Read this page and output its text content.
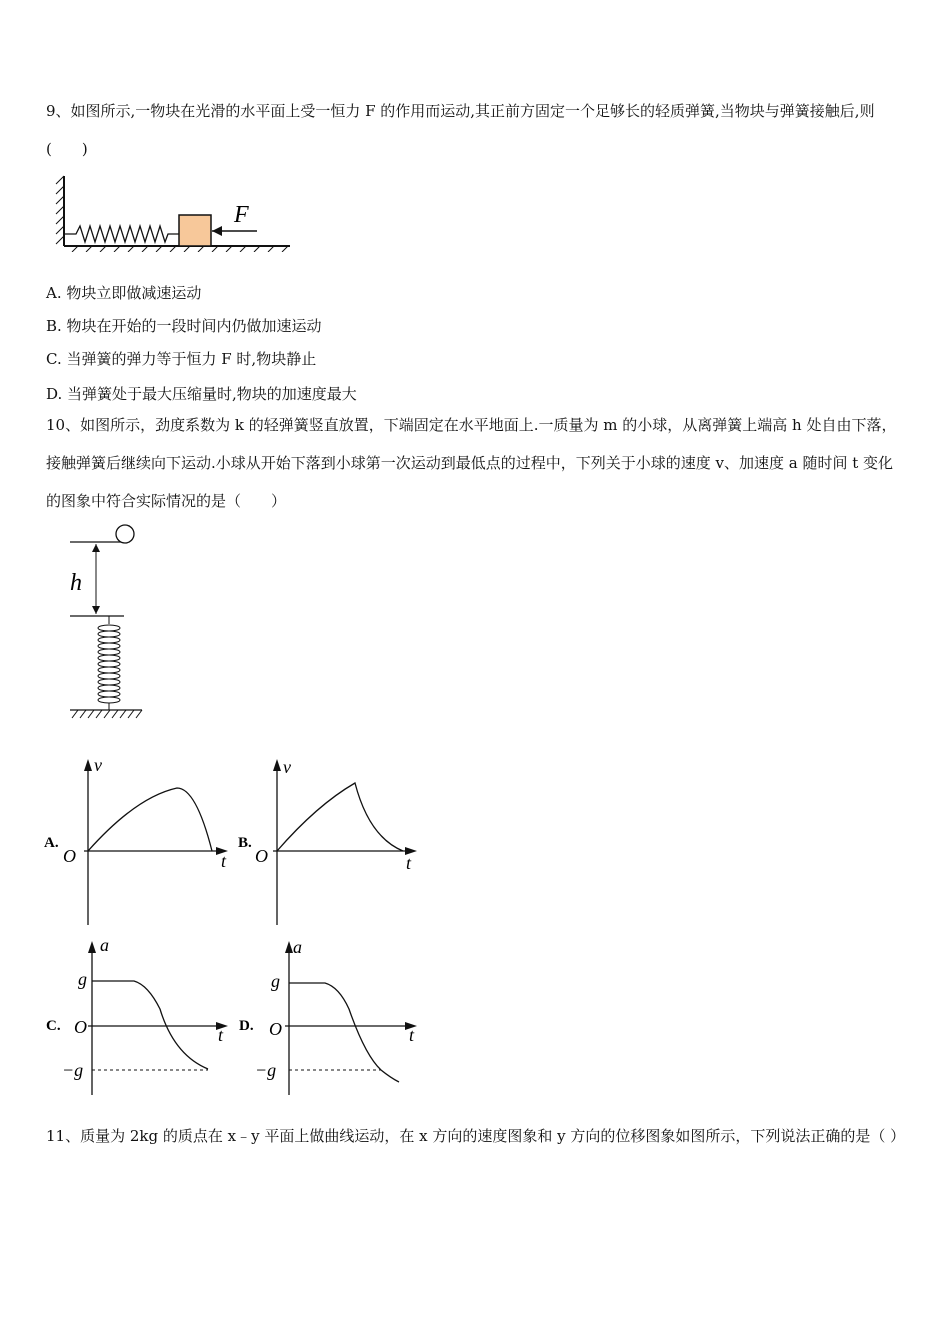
9、如图所示,一物块在光滑的水平面上受一恒力 F 的作用而运动,其正前方固定一个足够长的轻质弹簧,当物块与弹簧接触后,则(　　)

F

A. 物块立即做减速运动

B. 物块在开始的一段时间内仍做加速运动

C. 当弹簧的弹力等于恒力 F 时,物块静止

D. 当弹簧处于最大压缩量时,物块的加速度最大

10、如图所示，劲度系数为 k 的轻弹簧竖直放置，下端固定在水平地面上.一质量为 m 的小球，从离弹簧上端高 h 处自由下落，接触弹簧后继续向下运动.小球从开始下落到小球第一次运动到最低点的过程中，下列关于小球的速度 v、加速度 a 随时间 t 变化的图象中符合实际情况的是（　　）

h
A.
v
O	t
B.
v
O	t
C.
a
g
O	t
−g
D.
a
g
O	t
−g

11、质量为 2kg 的质点在 x﹣y 平面上做曲线运动，在 x 方向的速度图象和 y 方向的位移图象如图所示，下列说法正确的是（ ）
